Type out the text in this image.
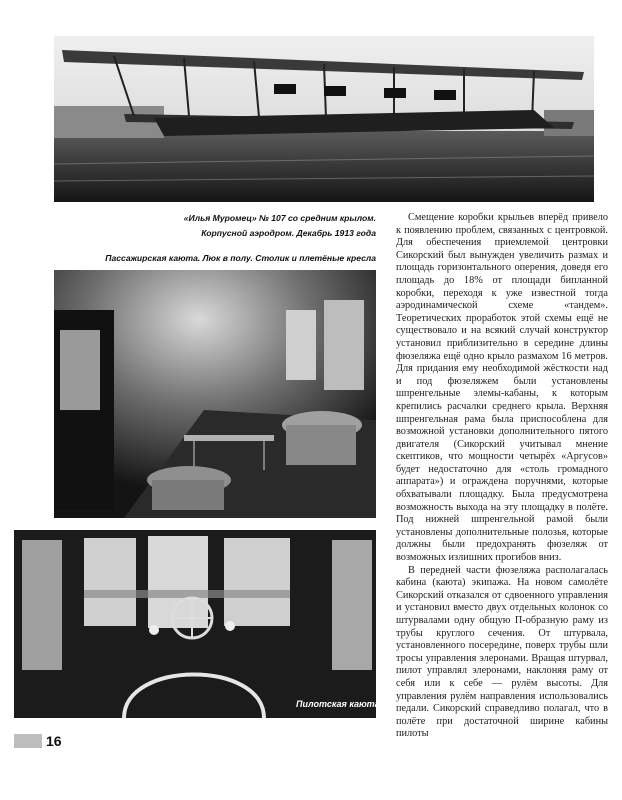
«Илья Муромец» № 107 со средним крылом.
Корпусной аэродром. Декабрь 1913 года
Пассажирская каюта. Люк в полу. Столик и плетёные кресла
Пилотская каюта

Смещение коробки крыльев вперёд привело к появлению проблем, связанных с центровкой. Для обеспечения приемлемой центровки Сикорский был вынужден увеличить размах и площадь горизонтального оперения, доведя его площадь до 18% от площади бипланной коробки, переходя к уже известной тогда аэродинамической схеме «тандем». Теоретических проработок этой схемы ещё не существовало и на всякий случай конструктор установил приблизительно в середине длины фюзеляжа ещё одно крыло размахом 16 метров. Для придания ему необходимой жёсткости над и под фюзеляжем были установлены шпренгельные элемы-кабаны, к которым крепились расчалки среднего крыла. Верхняя шпренгельная рама была приспособлена для возможной установки дополнительного пятого двигателя (Сикорский учитывал мнение скептиков, что мощности четырёх «Аргусов» будет недостаточно для «столь громадного аппарата») и ограждена поручнями, которые обхватывали площадку. Была предусмотрена возможность выхода на эту площадку в полёте. Под нижней шпренгельной рамой были установлены дополнительные полозья, которые должны были предохранять фюзеляж от возможных излишних прогибов вниз.

В передней части фюзеляжа располагалась кабина (каюта) экипажа. На новом самолёте Сикорский отказался от сдвоенного управления и установил вместо двух отдельных колонок со штурвалами одну общую П-образную раму из трубы круглого сечения. От штурвала, установленного посередине, поверх трубы шли тросы управления элеронами. Вращая штурвал, пилот управлял элеронами, наклоняя раму от себя или к себе — рулём высоты. Для управления рулём направления использовались педали. Сикорский справедливо полагал, что в полёте при достаточной ширине кабины пилоты

16
